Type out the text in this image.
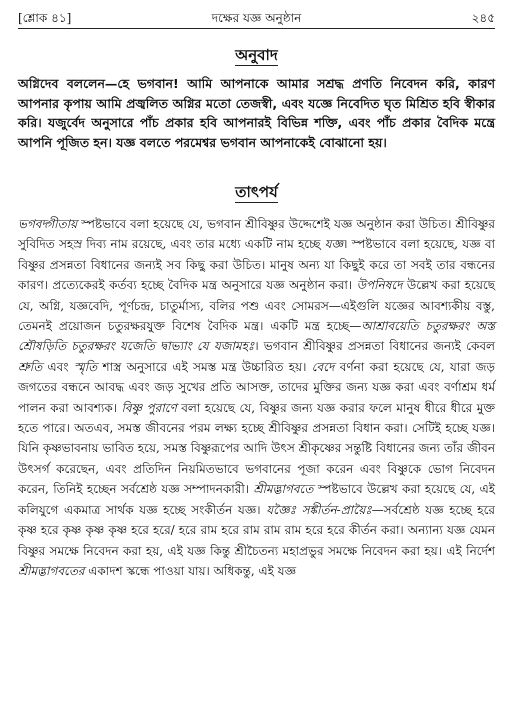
[শ্লোক ৪১]	দক্ষের যজ্ঞ অনুষ্ঠান	২৪৫
অনুবাদ
অগ্নিদেব বললেন—হে ভগবান! আমি আপনাকে আমার সশ্রদ্ধ প্রণতি নিবেদন করি, কারণ আপনার কৃপায় আমি প্রজ্বলিত অগ্নির মতো তেজস্বী, এবং যজ্ঞে নিবেদিত ঘৃত মিশ্রিত হবি স্বীকার করি। যজুর্বেদ অনুসারে পাঁচ প্রকার হবি আপনারই বিভিন্ন শক্তি, এবং পাঁচ প্রকার বৈদিক মন্ত্রে আপনি পূজিত হন। যজ্ঞ বলতে পরমেশ্বর ভগবান আপনাকেই বোঝানো হয়।
তাৎপর্য

ভগবদ্গীতায় স্পষ্টভাবে বলা হয়েছে যে, ভগবান শ্রীবিষ্ণুর উদ্দেশেই যজ্ঞ অনুষ্ঠান করা উচিত। শ্রীবিষ্ণুর সুবিদিত সহস্র দিব্য নাম রয়েছে, এবং তার মধ্যে একটি নাম হচ্ছে যজ্ঞ। স্পষ্টভাবে বলা হয়েছে, যজ্ঞ বা বিষ্ণুর প্রসন্নতা বিধানের জন্যই সব কিছু করা উচিত। মানুষ অন্য যা কিছুই করে তা সবই তার বন্ধনের কারণ। প্রত্যেকেরই কর্তব্য হচ্ছে বৈদিক মন্ত্র অনুসারে যজ্ঞ অনুষ্ঠান করা। উপনিষদে উল্লেখ করা হয়েছে যে, অগ্নি, যজ্ঞবেদি, পূর্ণচন্দ্র, চাতুর্মাস্য, বলির পশু এবং সোমরস—এইগুলি যজ্ঞের আবশ্যকীয় বস্তু, তেমনই প্রয়োজন চতুরক্ষরযুক্ত বিশেষ বৈদিক মন্ত্র। একটি মন্ত্র হচ্ছে—আশ্রাবয়েতি চতুরক্ষরং অস্ত শ্রৌষড়িতি চতুরক্ষরং যজেতি দ্বাভ্যাং যে যজামহঃ। ভগবান শ্রীবিষ্ণুর প্রসন্নতা বিধানের জন্যই কেবল শ্রুতি এবং স্মৃতি শাস্ত্র অনুসারে এই সমস্ত মন্ত্র উচ্চারিত হয়। বেদে বর্ণনা করা হয়েছে যে, যারা জড় জগতের বন্ধনে আবদ্ধ এবং জড় সুখের প্রতি আসক্ত, তাদের মুক্তির জন্য যজ্ঞ করা এবং বর্ণাশ্রম ধর্ম পালন করা আবশ্যক। বিষ্ণু পুরাণে বলা হয়েছে যে, বিষ্ণুর জন্য যজ্ঞ করার ফলে মানুষ ধীরে ধীরে মুক্ত হতে পারে। অতএব, সমস্ত জীবনের পরম লক্ষ্য হচ্ছে শ্রীবিষ্ণুর প্রসন্নতা বিধান করা। সেটিই হচ্ছে যজ্ঞ। যিনি কৃষ্ণভাবনায় ভাবিত হয়ে, সমস্ত বিষ্ণুরূপের আদি উৎস শ্রীকৃষ্ণের সন্তুষ্টি বিধানের জন্য তাঁর জীবন উৎসর্গ করেছেন, এবং প্রতিদিন নিয়মিতভাবে ভগবানের পূজা করেন এবং বিষ্ণুকে ভোগ নিবেদন করেন, তিনিই হচ্ছেন সর্বশ্রেষ্ঠ যজ্ঞ সম্পাদনকারী। শ্রীমদ্ভাগবতে স্পষ্টভাবে উল্লেখ করা হয়েছে যে, এই কলিযুগে একমাত্র সার্থক যজ্ঞ হচ্ছে সংকীর্তন যজ্ঞ। যজ্ঞৈঃ সঙ্কীর্তন-প্রায়ৈঃ—সর্বশ্রেষ্ঠ যজ্ঞ হচ্ছে হরে কৃষ্ণ হরে কৃষ্ণ কৃষ্ণ কৃষ্ণ হরে হরে/ হরে রাম হরে রাম রাম রাম হরে হরে কীর্তন করা। অন্যান্য যজ্ঞ যেমন বিষ্ণুর সমক্ষে নিবেদন করা হয়, এই যজ্ঞ কিন্তু শ্রীচৈতন্য মহাপ্রভুর সমক্ষে নিবেদন করা হয়। এই নির্দেশ শ্রীমদ্ভাগবতের একাদশ স্কন্ধে পাওয়া যায়। অধিকন্তু, এই যজ্ঞ
